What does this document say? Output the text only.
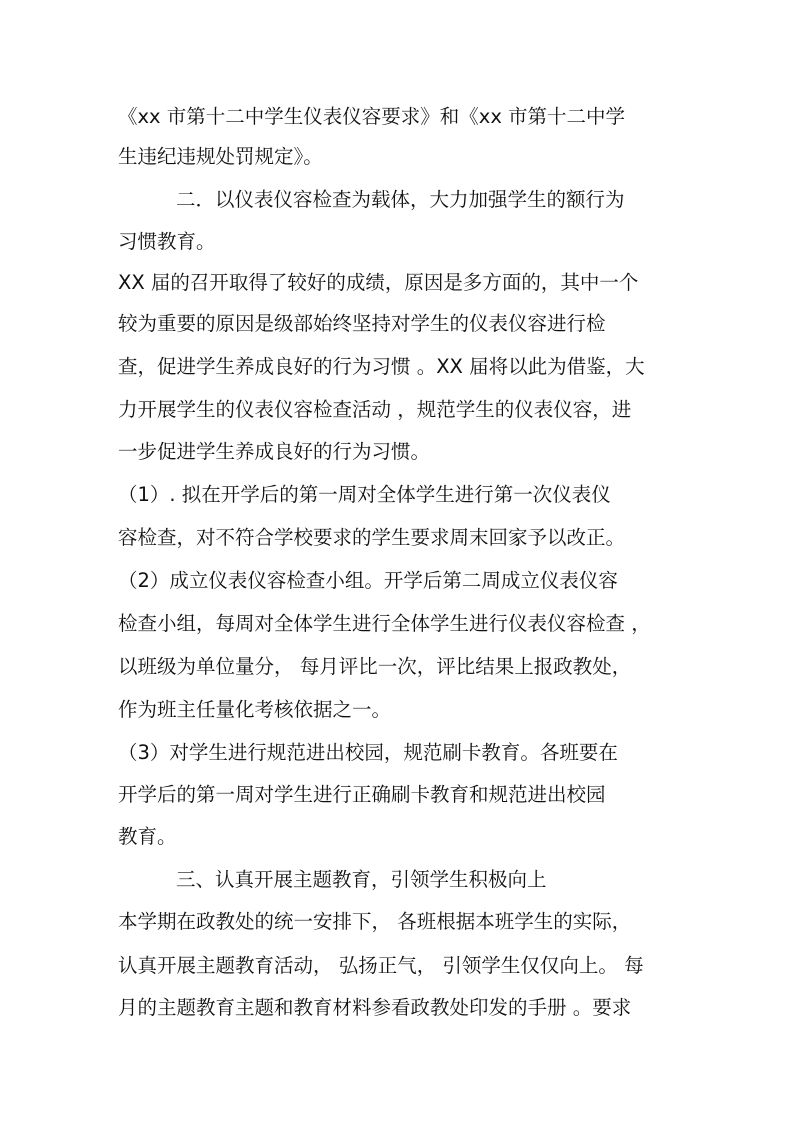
《xx 市第十二中学生仪表仪容要求》和《xx 市第十二中学
生违纪违规处罚规定》。
二．以仪表仪容检查为载体，大力加强学生的额行为
习惯教育。
XX 届的召开取得了较好的成绩，原因是多方面的，其中一个
较为重要的原因是级部始终坚持对学生的仪表仪容进行检
查，促进学生养成良好的行为习惯 。XX 届将以此为借鉴，大
力开展学生的仪表仪容检查活动 ，规范学生的仪表仪容，进
一步促进学生养成良好的行为习惯。
（1）. 拟在开学后的第一周对全体学生进行第一次仪表仪
容检查，对不符合学校要求的学生要求周末回家予以改正。
（2）成立仪表仪容检查小组。开学后第二周成立仪表仪容
检查小组，每周对全体学生进行全体学生进行仪表仪容检查 ，
以班级为单位量分， 每月评比一次，评比结果上报政教处，
作为班主任量化考核依据之一。
（3）对学生进行规范进出校园，规范刷卡教育。各班要在
开学后的第一周对学生进行正确刷卡教育和规范进出校园
教育。
三、认真开展主题教育，引领学生积极向上
本学期在政教处的统一安排下， 各班根据本班学生的实际，
认真开展主题教育活动， 弘扬正气， 引领学生仅仅向上。 每
月的主题教育主题和教育材料参看政教处印发的手册 。要求
